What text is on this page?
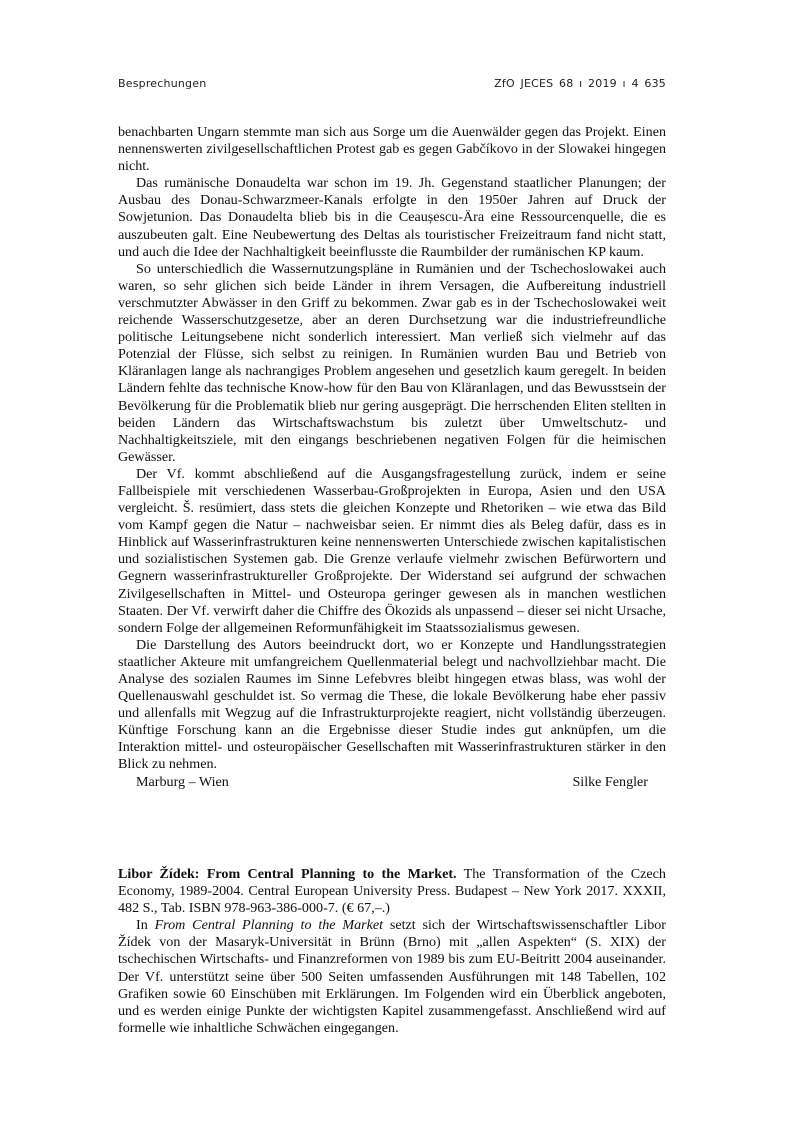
Besprechungen	ZfO JECES 68 ı 2019 ı 4 635

benachbarten Ungarn stemmte man sich aus Sorge um die Auenwälder gegen das Projekt. Einen nennenswerten zivilgesellschaftlichen Protest gab es gegen Gabčíkovo in der Slowakei hingegen nicht.

Das rumänische Donaudelta war schon im 19. Jh. Gegenstand staatlicher Planungen; der Ausbau des Donau-Schwarzmeer-Kanals erfolgte in den 1950er Jahren auf Druck der Sowjetunion. Das Donaudelta blieb bis in die Ceaușescu-Ära eine Ressourcenquelle, die es auszubeuten galt. Eine Neubewertung des Deltas als touristischer Freizeitraum fand nicht statt, und auch die Idee der Nachhaltigkeit beeinflusste die Raumbilder der rumänischen KP kaum.

So unterschiedlich die Wassernutzungspläne in Rumänien und der Tschechoslowakei auch waren, so sehr glichen sich beide Länder in ihrem Versagen, die Aufbereitung industriell verschmutzter Abwässer in den Griff zu bekommen. Zwar gab es in der Tschechoslowakei weit reichende Wasserschutzgesetze, aber an deren Durchsetzung war die industriefreundliche politische Leitungsebene nicht sonderlich interessiert. Man verließ sich vielmehr auf das Potenzial der Flüsse, sich selbst zu reinigen. In Rumänien wurden Bau und Betrieb von Kläranlagen lange als nachrangiges Problem angesehen und gesetzlich kaum geregelt. In beiden Ländern fehlte das technische Know-how für den Bau von Kläranlagen, und das Bewusstsein der Bevölkerung für die Problematik blieb nur gering ausgeprägt. Die herrschenden Eliten stellten in beiden Ländern das Wirtschaftswachstum bis zuletzt über Umweltschutz- und Nachhaltigkeitsziele, mit den eingangs beschriebenen negativen Folgen für die heimischen Gewässer.

Der Vf. kommt abschließend auf die Ausgangsfragestellung zurück, indem er seine Fallbeispiele mit verschiedenen Wasserbau-Großprojekten in Europa, Asien und den USA vergleicht. Š. resümiert, dass stets die gleichen Konzepte und Rhetoriken – wie etwa das Bild vom Kampf gegen die Natur – nachweisbar seien. Er nimmt dies als Beleg dafür, dass es in Hinblick auf Wasserinfrastrukturen keine nennenswerten Unterschiede zwischen kapitalistischen und sozialistischen Systemen gab. Die Grenze verlaufe vielmehr zwischen Befürwortern und Gegnern wasserinfrastruktureller Großprojekte. Der Widerstand sei aufgrund der schwachen Zivilgesellschaften in Mittel- und Osteuropa geringer gewesen als in manchen westlichen Staaten. Der Vf. verwirft daher die Chiffre des Ökozids als unpassend – dieser sei nicht Ursache, sondern Folge der allgemeinen Reformunfähigkeit im Staatssozialismus gewesen.

Die Darstellung des Autors beeindruckt dort, wo er Konzepte und Handlungsstrategien staatlicher Akteure mit umfangreichem Quellenmaterial belegt und nachvollziehbar macht. Die Analyse des sozialen Raumes im Sinne Lefebvres bleibt hingegen etwas blass, was wohl der Quellenauswahl geschuldet ist. So vermag die These, die lokale Bevölkerung habe eher passiv und allenfalls mit Wegzug auf die Infrastrukturprojekte reagiert, nicht vollständig überzeugen. Künftige Forschung kann an die Ergebnisse dieser Studie indes gut anknüpfen, um die Interaktion mittel- und osteuropäischer Gesellschaften mit Wasserinfrastrukturen stärker in den Blick zu nehmen.

Marburg – Wien	Silke Fengler

Libor Žídek: From Central Planning to the Market. The Transformation of the Czech Economy, 1989-2004. Central European University Press. Budapest – New York 2017. XXXII, 482 S., Tab. ISBN 978-963-386-000-7. (€ 67,–.)

In From Central Planning to the Market setzt sich der Wirtschaftswissenschaftler Libor Žídek von der Masaryk-Universität in Brünn (Brno) mit „allen Aspekten“ (S. XIX) der tschechischen Wirtschafts- und Finanzreformen von 1989 bis zum EU-Beitritt 2004 auseinander. Der Vf. unterstützt seine über 500 Seiten umfassenden Ausführungen mit 148 Tabellen, 102 Grafiken sowie 60 Einschüben mit Erklärungen. Im Folgenden wird ein Überblick angeboten, und es werden einige Punkte der wichtigsten Kapitel zusammengefasst. Anschließend wird auf formelle wie inhaltliche Schwächen eingegangen.
